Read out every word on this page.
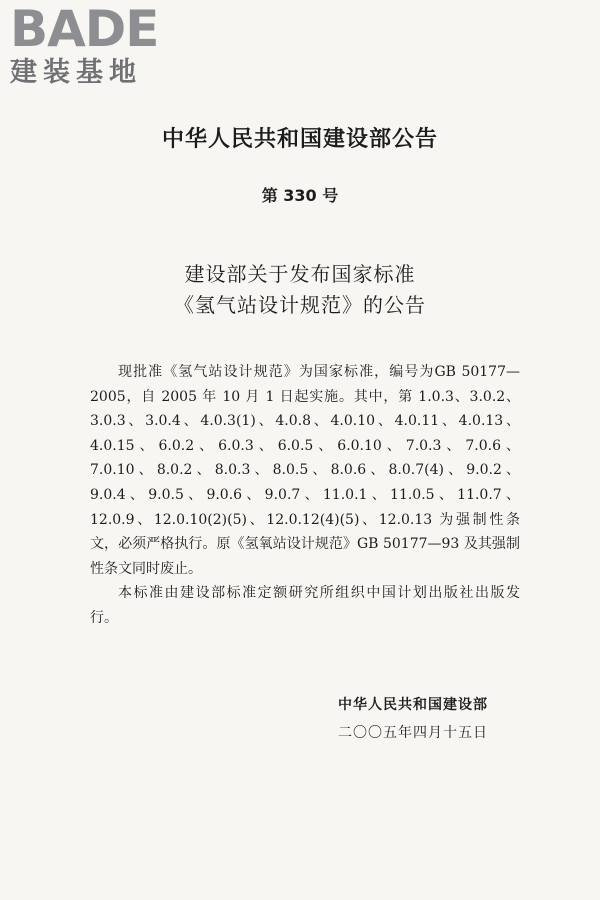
BADE
建装基地
中华人民共和国建设部公告
第 330 号
建设部关于发布国家标准
《氢气站设计规范》的公告
现批准《氢气站设计规范》为国家标准，编号为GB 50177—
2005，自 2005 年 10 月 1 日起实施。其中，第 1.0.3、3.0.2、
3.0.3、3.0.4、4.0.3(1)、4.0.8、4.0.10、4.0.11、4.0.13、
4.0.15、6.0.2、6.0.3、6.0.5、6.0.10、7.0.3、7.0.6、
7.0.10、8.0.2、8.0.3、8.0.5、8.0.6、8.0.7(4)、9.0.2、
9.0.4、9.0.5、9.0.6、9.0.7、11.0.1、11.0.5、11.0.7、
12.0.9、12.0.10(2)(5)、12.0.12(4)(5)、12.0.13 为强制性条
文，必须严格执行。原《氢氧站设计规范》GB 50177—93 及其强制
性条文同时废止。
本标准由建设部标准定额研究所组织中国计划出版社出版发
行。
中华人民共和国建设部
二〇〇五年四月十五日
